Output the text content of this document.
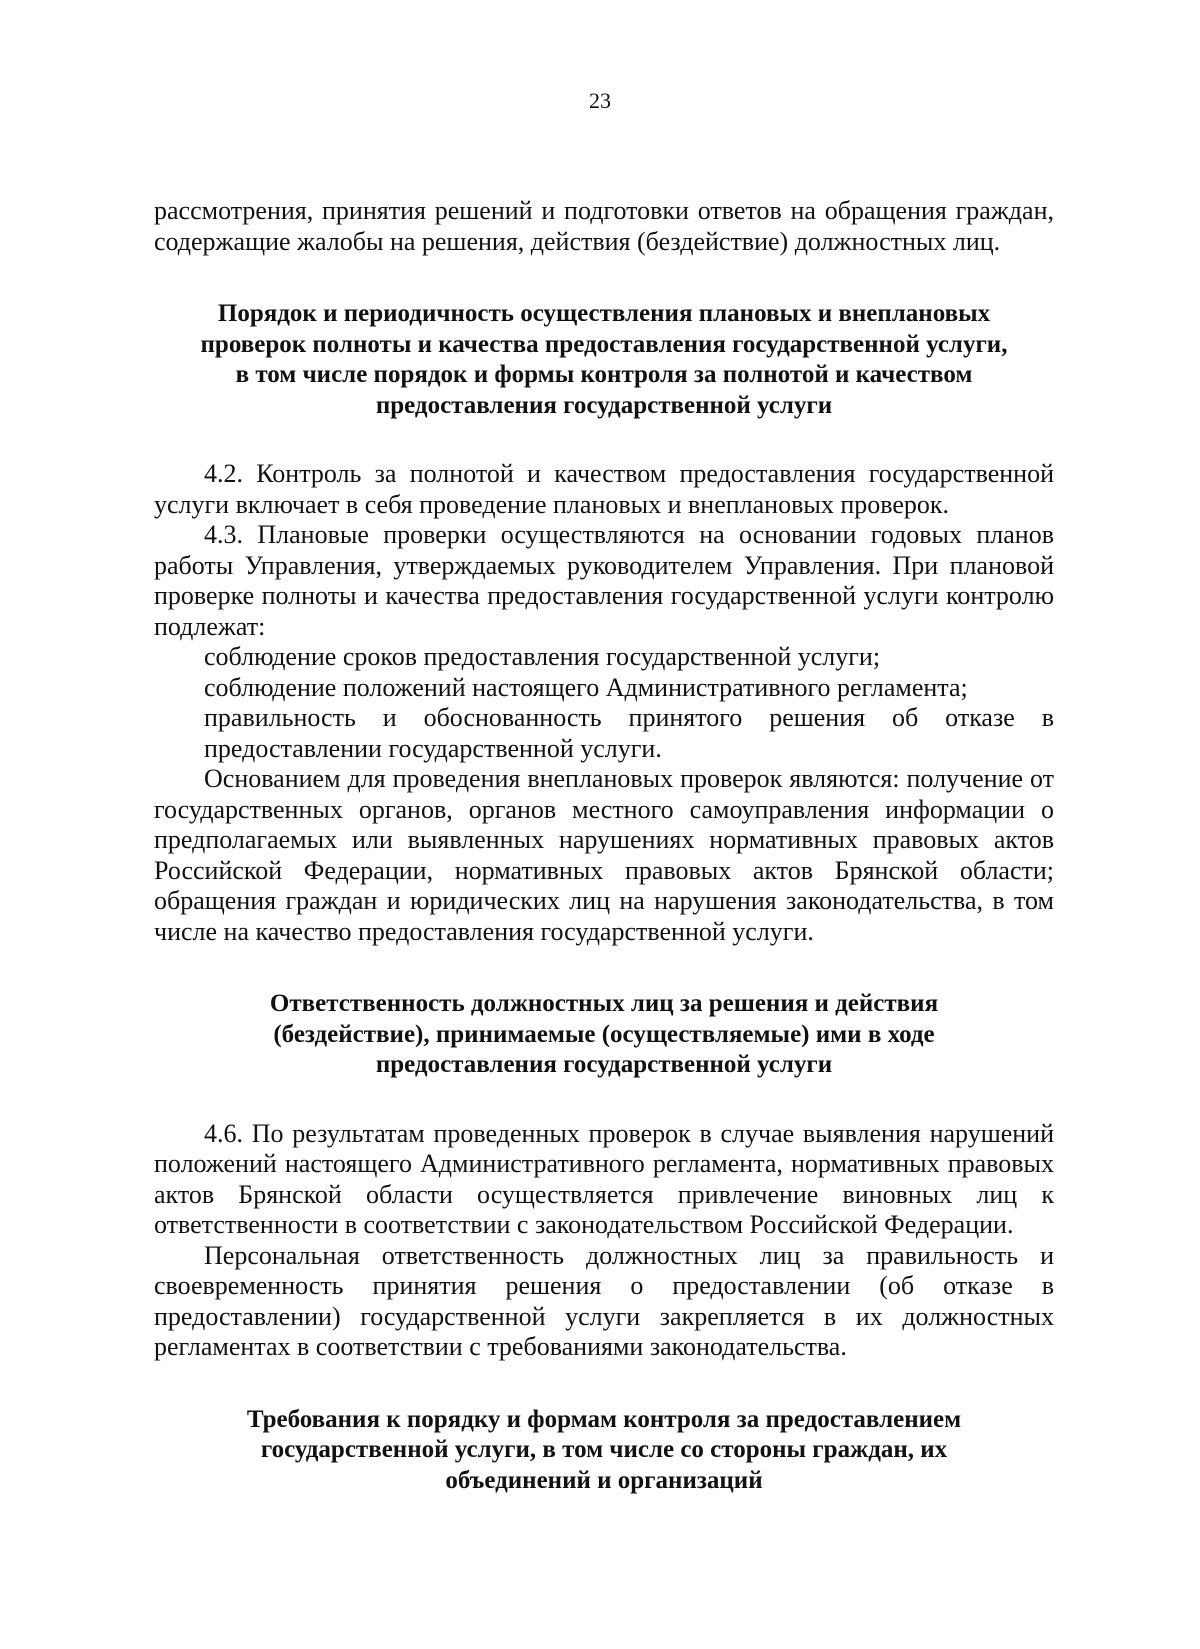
23

рассмотрения, принятия решений и подготовки ответов на обращения граждан, содержащие жалобы на решения, действия (бездействие) должностных лиц.

Порядок и периодичность осуществления плановых и внеплановых проверок полноты и качества предоставления государственной услуги, в том числе порядок и формы контроля за полнотой и качеством предоставления государственной услуги

4.2. Контроль за полнотой и качеством предоставления государственной услуги включает в себя проведение плановых и внеплановых проверок.

4.3. Плановые проверки осуществляются на основании годовых планов работы Управления, утверждаемых руководителем Управления. При плановой проверке полноты и качества предоставления государственной услуги контролю подлежат:

соблюдение сроков предоставления государственной услуги;

соблюдение положений настоящего Административного регламента;

правильность и обоснованность принятого решения об отказе в предоставлении государственной услуги.

Основанием для проведения внеплановых проверок являются: получение от государственных органов, органов местного самоуправления информации о предполагаемых или выявленных нарушениях нормативных правовых актов Российской Федерации, нормативных правовых актов Брянской области; обращения граждан и юридических лиц на нарушения законодательства, в том числе на качество предоставления государственной услуги.

Ответственность должностных лиц за решения и действия (бездействие), принимаемые (осуществляемые) ими в ходе предоставления государственной услуги

4.6. По результатам проведенных проверок в случае выявления нарушений положений настоящего Административного регламента, нормативных правовых актов Брянской области осуществляется привлечение виновных лиц к ответственности в соответствии с законодательством Российской Федерации.

Персональная ответственность должностных лиц за правильность и своевременность принятия решения о предоставлении (об отказе в предоставлении) государственной услуги закрепляется в их должностных регламентах в соответствии с требованиями законодательства.

Требования к порядку и формам контроля за предоставлением государственной услуги, в том числе со стороны граждан, их объединений и организаций
